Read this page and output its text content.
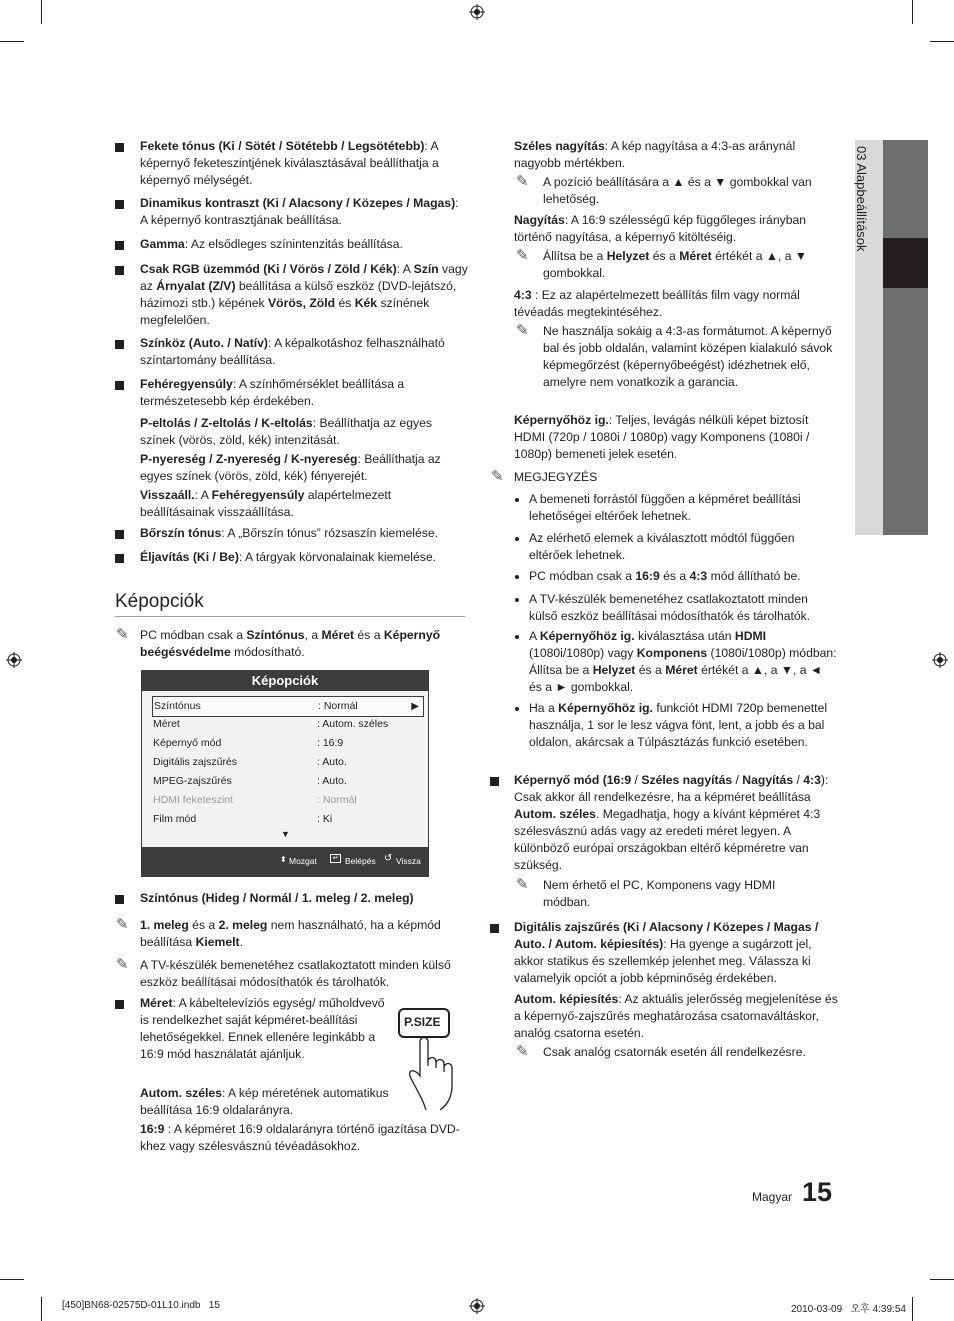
03 Alapbeállítások
Fekete tónus (Ki / Sötét / Sötétebb / Legsötétebb): A képernyő feketeszintjének kiválasztásával beállíthatja a képernyő mélységét.
Dinamikus kontraszt (Ki / Alacsony / Közepes / Magas): A képernyő kontrasztjának beállítása.
Gamma: Az elsődleges színintenzitás beállítása.
Csak RGB üzemmód (Ki / Vörös / Zöld / Kék): A Szín vagy az Árnyalat (Z/V) beállítása a külső eszköz (DVD-lejátszó, házimozi stb.) képének Vörös, Zöld és Kék színének megfelelően.
Színköz (Auto. / Natív): A képalkotáshoz felhasználható színtartomány beállítása.
Fehéregyensúly: A színhőmérséklet beállítása a természetesebb kép érdekében.
P-eltolás / Z-eltolás / K-eltolás: Beállíthatja az egyes színek (vörös, zöld, kék) intenzitását.
P-nyereség / Z-nyereség / K-nyereség: Beállíthatja az egyes színek (vörös, zöld, kék) fényerejét.
Visszaáll.: A Fehéregyensúly alapértelmezett beállításainak visszaállítása.
Bőrszín tónus: A „Bőrszín tónus” rózsaszín kiemelése.
Éljavítás (Ki / Be): A tárgyak körvonalainak kiemelése.
Képopciók
✎ PC módban csak a Színtónus, a Méret és a Képernyő beégésvédelme módosítható.
Képopciók
Színtónus	: Normál	▶
Méret	: Autom. széles
Képernyő mód	: 16:9
Digitális zajszűrés	: Auto.
MPEG-zajszűrés	: Auto.
HDMI feketeszint	: Normál
Film mód	: Ki
▼
⬍ Mozgat	↵ Belépés ↺ Vissza
Színtónus (Hideg / Normál / 1. meleg / 2. meleg)
✎ 1. meleg és a 2. meleg nem használható, ha a képmód beállítása Kiemelt.
✎ A TV-készülék bemenetéhez csatlakoztatott minden külső eszköz beállításai módosíthatók és tárolhatók.
Méret: A kábeltelevíziós egység/ műholdvevő is rendelkezhet saját képméret-beállítási lehetőségekkel. Ennek ellenére leginkább a 16:9 mód használatát ajánljuk.
P.SIZE
Autom. széles: A kép méretének automatikus beállítása 16:9 oldalarányra.
16:9 : A képméret 16:9 oldalarányra történő igazítása DVD-khez vagy szélesvásznú tévéadásokhoz.
Széles nagyítás: A kép nagyítása a 4:3-as aránynál nagyobb mértékben.
✎ A pozíció beállítására a ▲ és a ▼ gombokkal van lehetőség.
Nagyítás: A 16:9 szélességű kép függőleges irányban történő nagyítása, a képernyő kitöltéséig.
✎ Állítsa be a Helyzet és a Méret értékét a ▲, a ▼ gombokkal.
4:3 : Ez az alapértelmezett beállítás film vagy normál tévéadás megtekintéséhez.
✎ Ne használja sokáig a 4:3-as formátumot. A képernyő bal és jobb oldalán, valamint középen kialakuló sávok képmegőrzést (képernyőbeégést) idézhetnek elő, amelyre nem vonatkozik a garancia.
Képernyőhöz ig.: Teljes, levágás nélküli képet biztosít HDMI (720p / 1080i / 1080p) vagy Komponens (1080i / 1080p) bemeneti jelek esetén.
✎ MEGJEGYZÉS
A bemeneti forrástól függően a képméret beállítási lehetőségei eltérőek lehetnek.
Az elérhető elemek a kiválasztott módtól függően eltérőek lehetnek.
PC módban csak a 16:9 és a 4:3 mód állítható be.
A TV-készülék bemenetéhez csatlakoztatott minden külső eszköz beállításai módosíthatók és tárolhatók.
A Képernyőhöz ig. kiválasztása után HDMI (1080i/1080p) vagy Komponens (1080i/1080p) módban: Állítsa be a Helyzet és a Méret értékét a ▲, a ▼, a ◄ és a ► gombokkal.
Ha a Képernyőhöz ig. funkciót HDMI 720p bemenettel használja, 1 sor le lesz vágva fönt, lent, a jobb és a bal oldalon, akárcsak a Túlpásztázás funkció esetében.
Képernyő mód (16:9 / Széles nagyítás / Nagyítás / 4:3): Csak akkor áll rendelkezésre, ha a képméret beállítása Autom. széles. Megadhatja, hogy a kívánt képméret 4:3 szélesvásznú adás vagy az eredeti méret legyen. A különböző európai országokban eltérő képméretre van szükség.
✎ Nem érhető el PC, Komponens vagy HDMI módban.
Digitális zajszűrés (Ki / Alacsony / Közepes / Magas / Auto. / Autom. képiesítés): Ha gyenge a sugárzott jel, akkor statikus és szellemkép jelenhet meg. Válassza ki valamelyik opciót a jobb képminőség érdekében.
Autom. képiesítés: Az aktuális jelerősség megjelenítése és a képernyő-zajszűrés meghatározása csatornaváltáskor, analóg csatorna esetén.
✎ Csak analóg csatornák esetén áll rendelkezésre.
Magyar 15
[450]BN68-02575D-01L10.indb   15	2010-03-09   오후 4:39:54
